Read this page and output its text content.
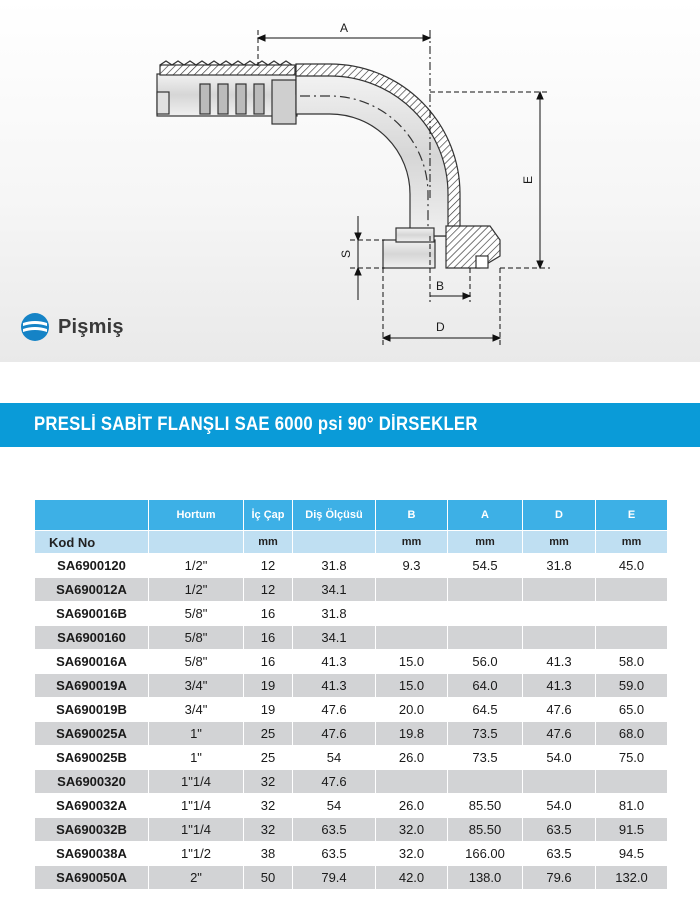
A
E
S
B
D
Pişmiş
PRESLİ SABİT FLANŞLI SAE 6000 psi 90° DİRSEKLER
	Hortum	İç Çap	Diş Ölçüsü	B	A	D	E
Kod No		mm		mm	mm	mm	mm
SA6900120	1/2"	12	31.8	9.3	54.5	31.8	45.0
SA690012A	1/2"	12	34.1				
SA690016B	5/8"	16	31.8				
SA6900160	5/8"	16	34.1				
SA690016A	5/8"	16	41.3	15.0	56.0	41.3	58.0
SA690019A	3/4"	19	41.3	15.0	64.0	41.3	59.0
SA690019B	3/4"	19	47.6	20.0	64.5	47.6	65.0
SA690025A	1"	25	47.6	19.8	73.5	47.6	68.0
SA690025B	1"	25	54	26.0	73.5	54.0	75.0
SA6900320	1"1/4	32	47.6				
SA690032A	1"1/4	32	54	26.0	85.50	54.0	81.0
SA690032B	1"1/4	32	63.5	32.0	85.50	63.5	91.5
SA690038A	1"1/2	38	63.5	32.0	166.00	63.5	94.5
SA690050A	2"	50	79.4	42.0	138.0	79.6	132.0
